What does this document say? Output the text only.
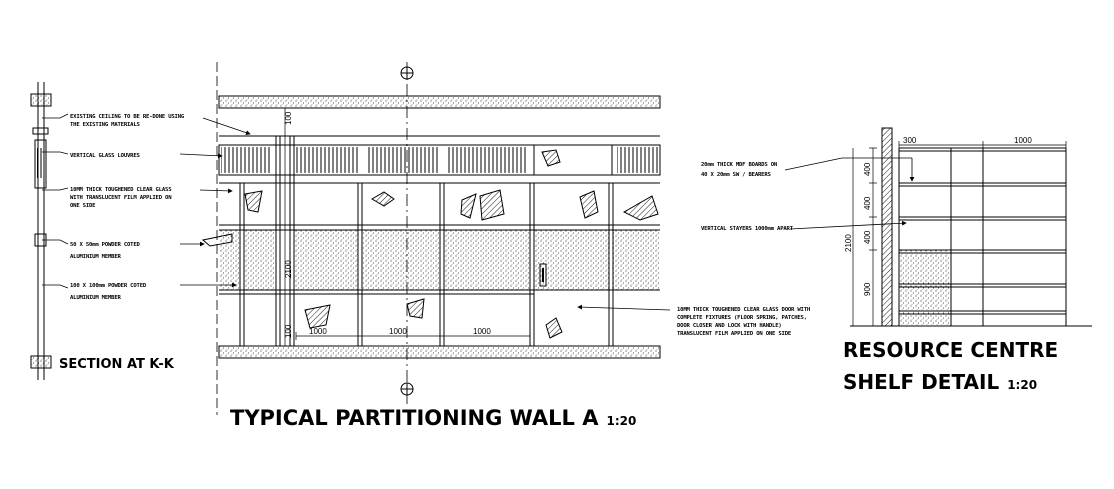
EXISTING CEILING TO BE RE-DONE USING
THE EXISTING MATERIALS
VERTICAL GLASS LOUVRES
10MM THICK TOUGHENED CLEAR GLASS
WITH TRANSLUCENT FILM APPLIED ON
ONE SIDE
50 X 50mm POWDER COTED
ALUMINIUM MEMBER
100 X 100mm POWDER COTED
ALUMINIUM MEMBER
SECTION AT K-K
100
2100
100 1000	1000	1000
10MM THICK TOUGHENED CLEAR GLASS DOOR WITH
COMPLETE FIXTURES (FLOOR SPRING, PATCHES,
DOOR CLOSER AND LOCK WITH HANDLE)
TRANSLUCENT FILM APPLIED ON ONE SIDE
TYPICAL PARTITIONING WALL A 1:20
20mm THICK MDF BOARDS ON
40 X 20mm SW / BEARERS
VERTICAL STAYERS 1000mm APART
300	1000
400
400
400
2100
900
RESOURCE CENTRE
SHELF DETAIL 1:20
